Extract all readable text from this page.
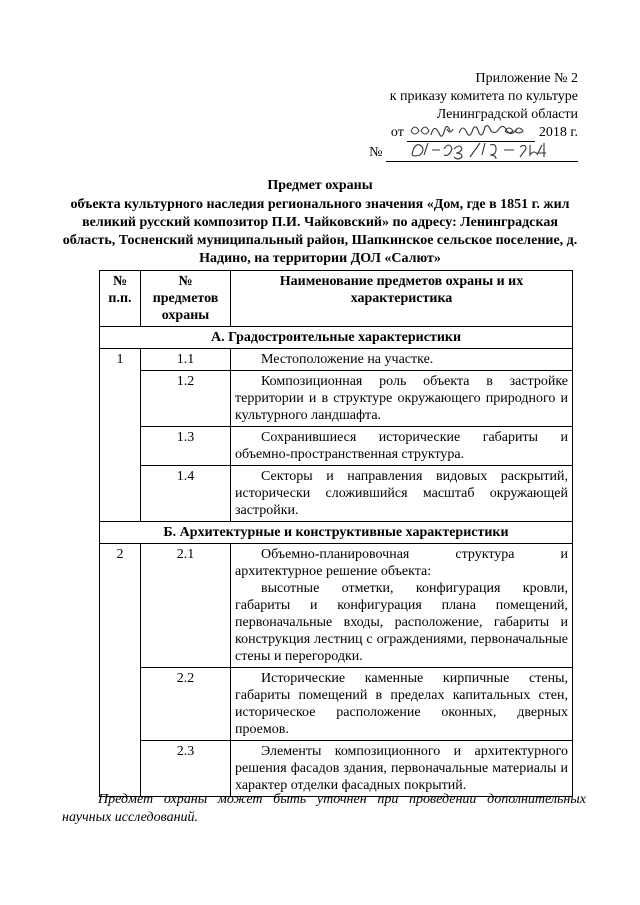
Приложение № 2
к приказу комитета по культуре
Ленинградской области
от

	2018 г.
№

Предмет охраны
объекта культурного наследия регионального значения «Дом, где в 1851 г. жил великий русский композитор П.И. Чайковский» по адресу: Ленинградская область, Тосненский муниципальный район, Шапкинское сельское поселение, д. Надино, на территории ДОЛ «Салют»
№ п.п.	№ предметов охраны	Наименование предметов охраны и их характеристика
А. Градостроительные характеристики		
1	1.1	Местоположение на участке.
	1.2	Композиционная роль объекта в застройке территории и в структуре окружающего природного и культурного ландшафта.
	1.3	Сохранившиеся исторические габариты и объемно-пространственная структура.
	1.4	Секторы и направления видовых раскрытий, исторически сложившийся масштаб окружающей застройки.
Б. Архитектурные и конструктивные характеристики		
2	2.1	Объемно-планировочная структура и архитектурное решение объекта:

высотные отметки, конфигурация кровли, габариты и конфигурация плана помещений, первоначальные входы, расположение, габариты и конструкция лестниц с ограждениями, первоначальные стены и перегородки.

	2.2	Исторические каменные кирпичные стены, габариты помещений в пределах капитальных стен, историческое расположение оконных, дверных проемов.
	2.3	Элементы композиционного и архитектурного решения фасадов здания, первоначальные материалы и характер отделки фасадных покрытий.
Предмет охраны может быть уточнен при проведении дополнительных научных исследований.
